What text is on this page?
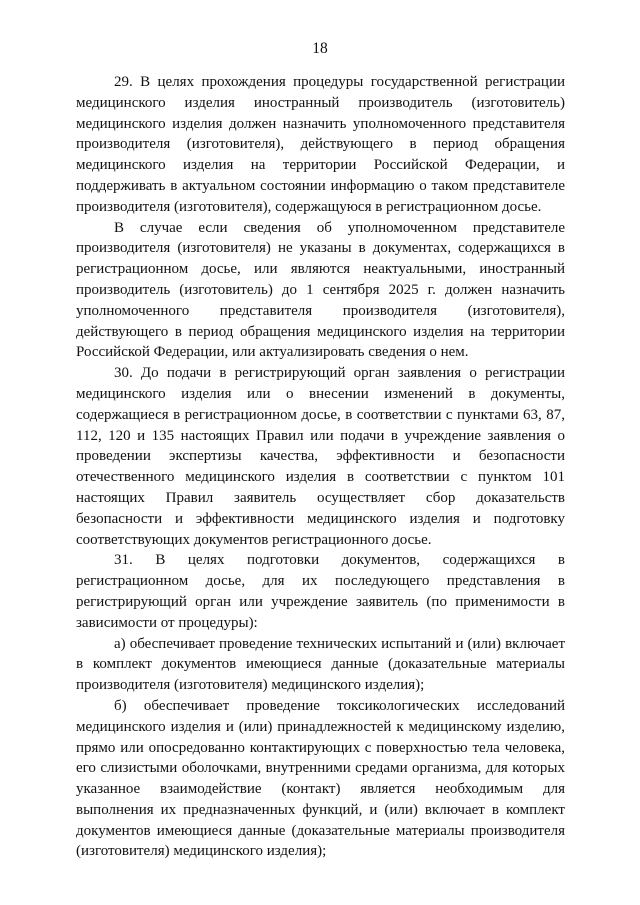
18

29. В целях прохождения процедуры государственной регистрации медицинского изделия иностранный производитель (изготовитель) медицинского изделия должен назначить уполномоченного представителя производителя (изготовителя), действующего в период обращения медицинского изделия на территории Российской Федерации, и поддерживать в актуальном состоянии информацию о таком представителе производителя (изготовителя), содержащуюся в регистрационном досье.

В случае если сведения об уполномоченном представителе производителя (изготовителя) не указаны в документах, содержащихся в регистрационном досье, или являются неактуальными, иностранный производитель (изготовитель) до 1 сентября 2025 г. должен назначить уполномоченного представителя производителя (изготовителя), действующего в период обращения медицинского изделия на территории Российской Федерации, или актуализировать сведения о нем.

30. До подачи в регистрирующий орган заявления о регистрации медицинского изделия или о внесении изменений в документы, содержащиеся в регистрационном досье, в соответствии с пунктами 63, 87, 112, 120 и 135 настоящих Правил или подачи в учреждение заявления о проведении экспертизы качества, эффективности и безопасности отечественного медицинского изделия в соответствии с пунктом 101 настоящих Правил заявитель осуществляет сбор доказательств безопасности и эффективности медицинского изделия и подготовку соответствующих документов регистрационного досье.

31. В целях подготовки документов, содержащихся в регистрационном досье, для их последующего представления в регистрирующий орган или учреждение заявитель (по применимости в зависимости от процедуры):

а) обеспечивает проведение технических испытаний и (или) включает в комплект документов имеющиеся данные (доказательные материалы производителя (изготовителя) медицинского изделия);

б) обеспечивает проведение токсикологических исследований медицинского изделия и (или) принадлежностей к медицинскому изделию, прямо или опосредованно контактирующих с поверхностью тела человека, его слизистыми оболочками, внутренними средами организма, для которых указанное взаимодействие (контакт) является необходимым для выполнения их предназначенных функций, и (или) включает в комплект документов имеющиеся данные (доказательные материалы производителя (изготовителя) медицинского изделия);
